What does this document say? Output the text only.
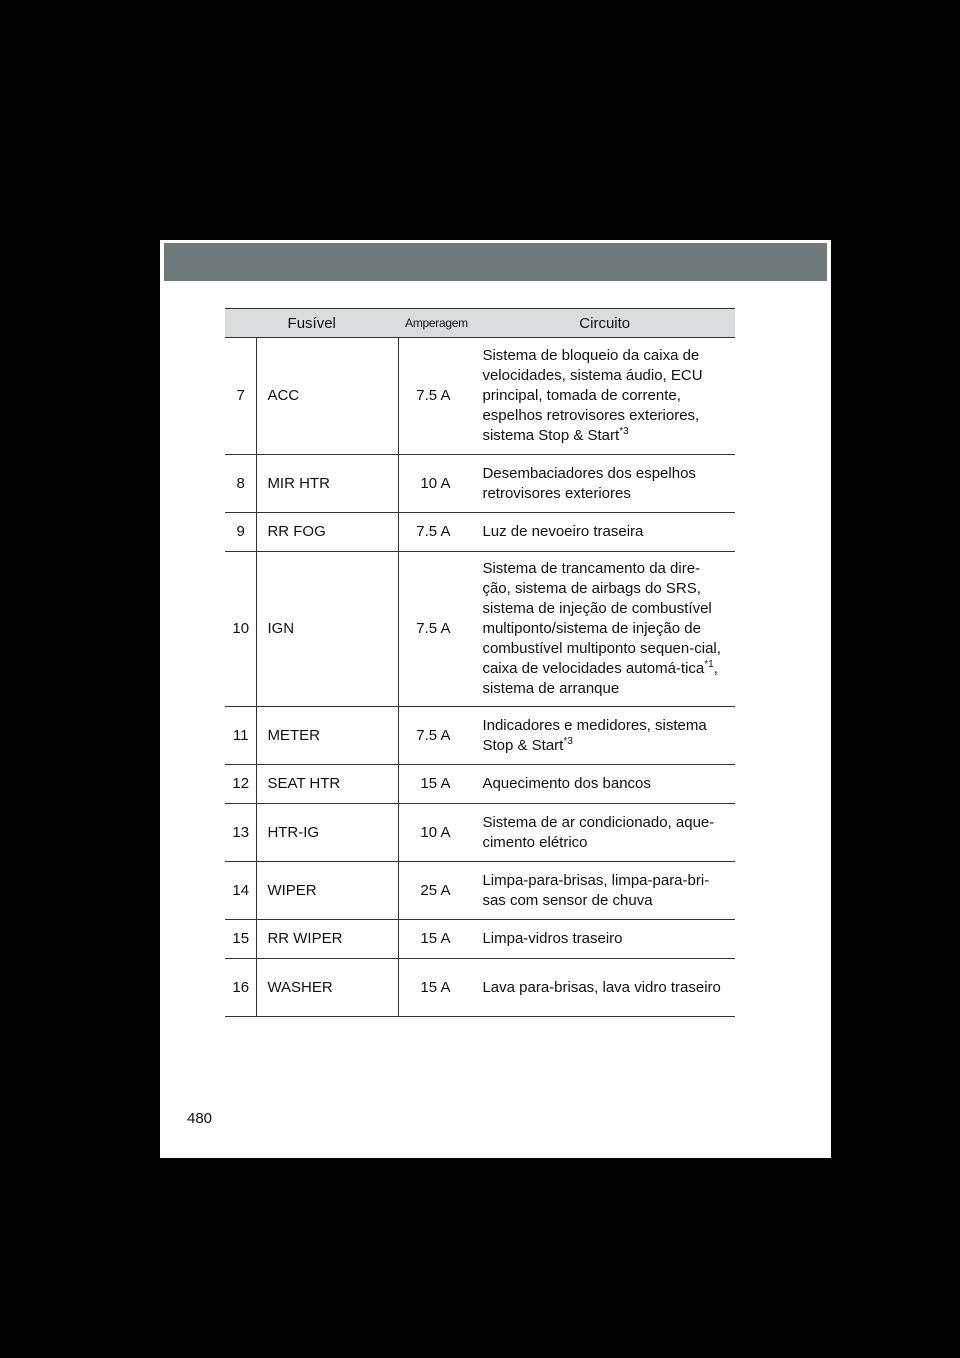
Fusível		Amperagem	Circuito
7	ACC	7.5 A	Sistema de bloqueio da caixa de velocidades, sistema áudio, ECU principal, tomada de corrente, espelhos retrovisores exteriores, sistema Stop & Start$^{*3}$
8	MIR HTR	10 A	Desembaciadores dos espelhos retrovisores exteriores
9	RR FOG	7.5 A	Luz de nevoeiro traseira
10	IGN	7.5 A	Sistema de trancamento da dire-ção, sistema de airbags do SRS, sistema de injeção de combustível multiponto/sistema de injeção de combustível multiponto sequen-cial, caixa de velocidades automá-tica$^{*1}$, sistema de arranque
11	METER	7.5 A	Indicadores e medidores, sistema Stop & Start$^{*3}$
12	SEAT HTR	15 A	Aquecimento dos bancos
13	HTR-IG	10 A	Sistema de ar condicionado, aque-cimento elétrico
14	WIPER	25 A	Limpa-para-brisas, limpa-para-bri-sas com sensor de chuva
15	RR WIPER	15 A	Limpa-vidros traseiro
16	WASHER	15 A	Lava para-brisas, lava vidro traseiro
480
